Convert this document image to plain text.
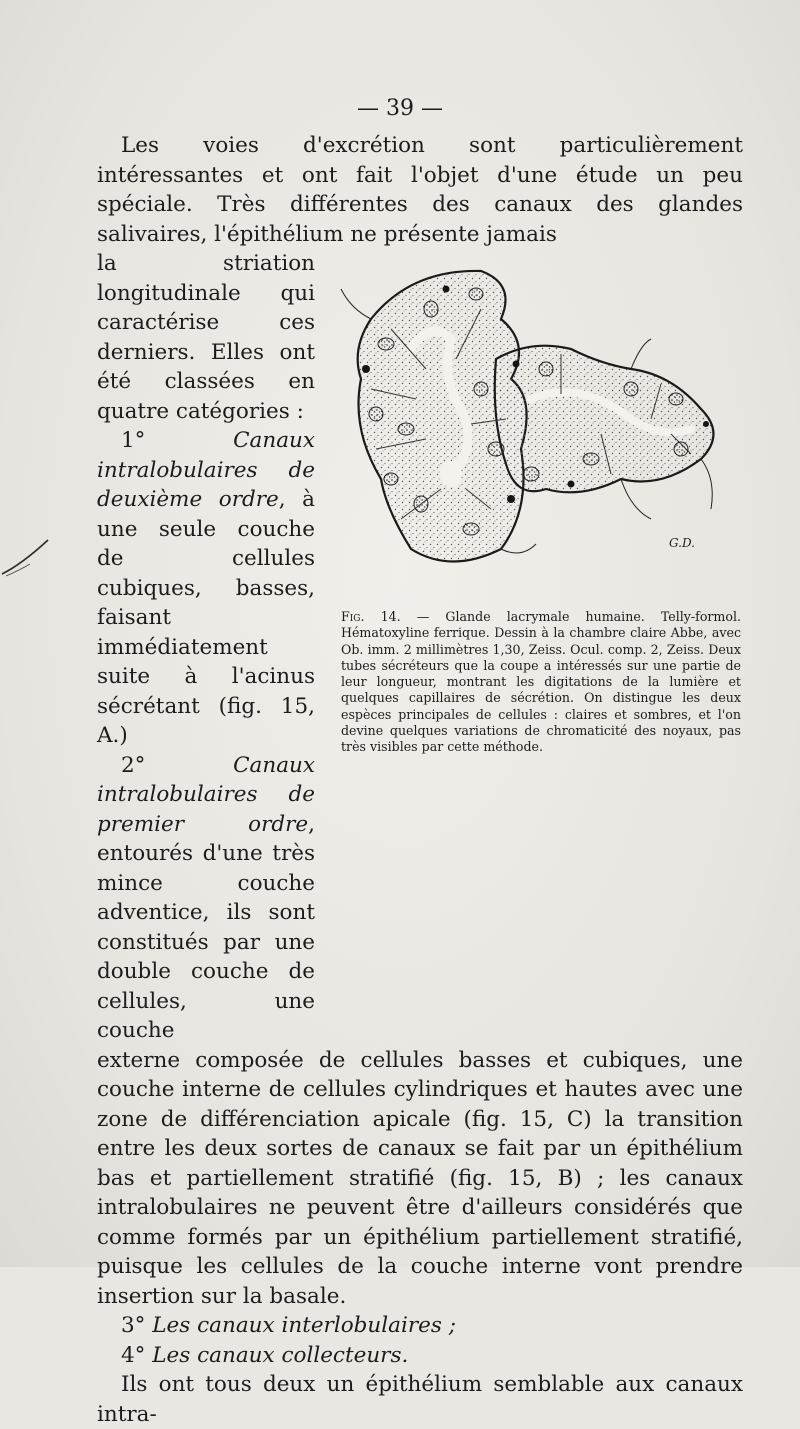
— 39 —

Les voies d'excrétion sont particulièrement intéressantes et ont fait l'objet d'une étude un peu spéciale. Très différentes des canaux des glandes salivaires, l'épithélium ne présente jamais

G.D.
Fig. 14. — Glande lacrymale humaine. Telly-formol. Hématoxyline ferrique. Dessin à la chambre claire Abbe, avec Ob. imm. 2 millimètres 1,30, Zeiss. Ocul. comp. 2, Zeiss. Deux tubes sécréteurs que la coupe a intéressés sur une partie de leur longueur, montrant les digitations de la lumière et quelques capillaires de sécrétion. On distingue les deux espèces principales de cellules : claires et sombres, et l'on devine quelques variations de chromaticité des noyaux, pas très visibles par cette méthode.

la striation longitudinale qui caractérise ces derniers. Elles ont été classées en quatre catégories :

1° Canaux intralobulaires de deuxième ordre, à une seule couche de cellules cubiques, basses, faisant immédiatement suite à l'acinus sécrétant (fig. 15, A.)

2° Canaux intralobulaires de premier ordre, entourés d'une très mince couche adventice, ils sont constitués par une double couche de cellules, une couche

externe composée de cellules basses et cubiques, une couche interne de cellules cylindriques et hautes avec une zone de différenciation apicale (fig. 15, C) la transition entre les deux sortes de canaux se fait par un épithélium bas et partiellement stratifié (fig. 15, B) ; les canaux intralobulaires ne peuvent être d'ailleurs considérés que comme formés par un épithélium partiellement stratifié, puisque les cellules de la couche interne vont prendre insertion sur la basale.

3° Les canaux interlobulaires ;

4° Les canaux collecteurs.

Ils ont tous deux un épithélium semblable aux canaux intra-
